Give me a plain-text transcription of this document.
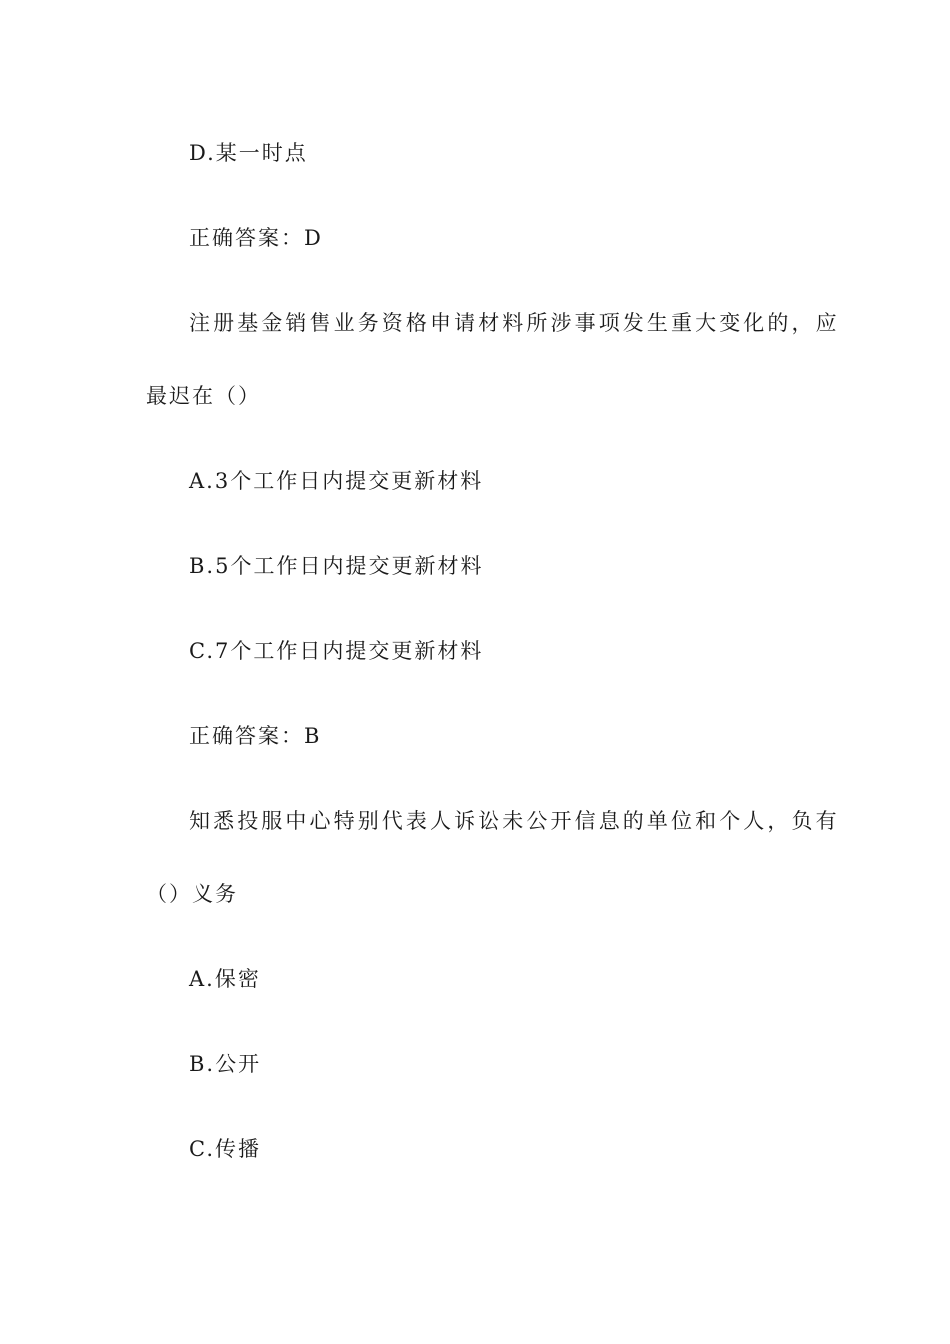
D.某一时点
正确答案：D
注册基金销售业务资格申请材料所涉事项发生重大变化的，应
最迟在（）
A.3个工作日内提交更新材料
B.5个工作日内提交更新材料
C.7个工作日内提交更新材料
正确答案：B
知悉投服中心特别代表人诉讼未公开信息的单位和个人，负有
（）义务
A.保密
B.公开
C.传播
